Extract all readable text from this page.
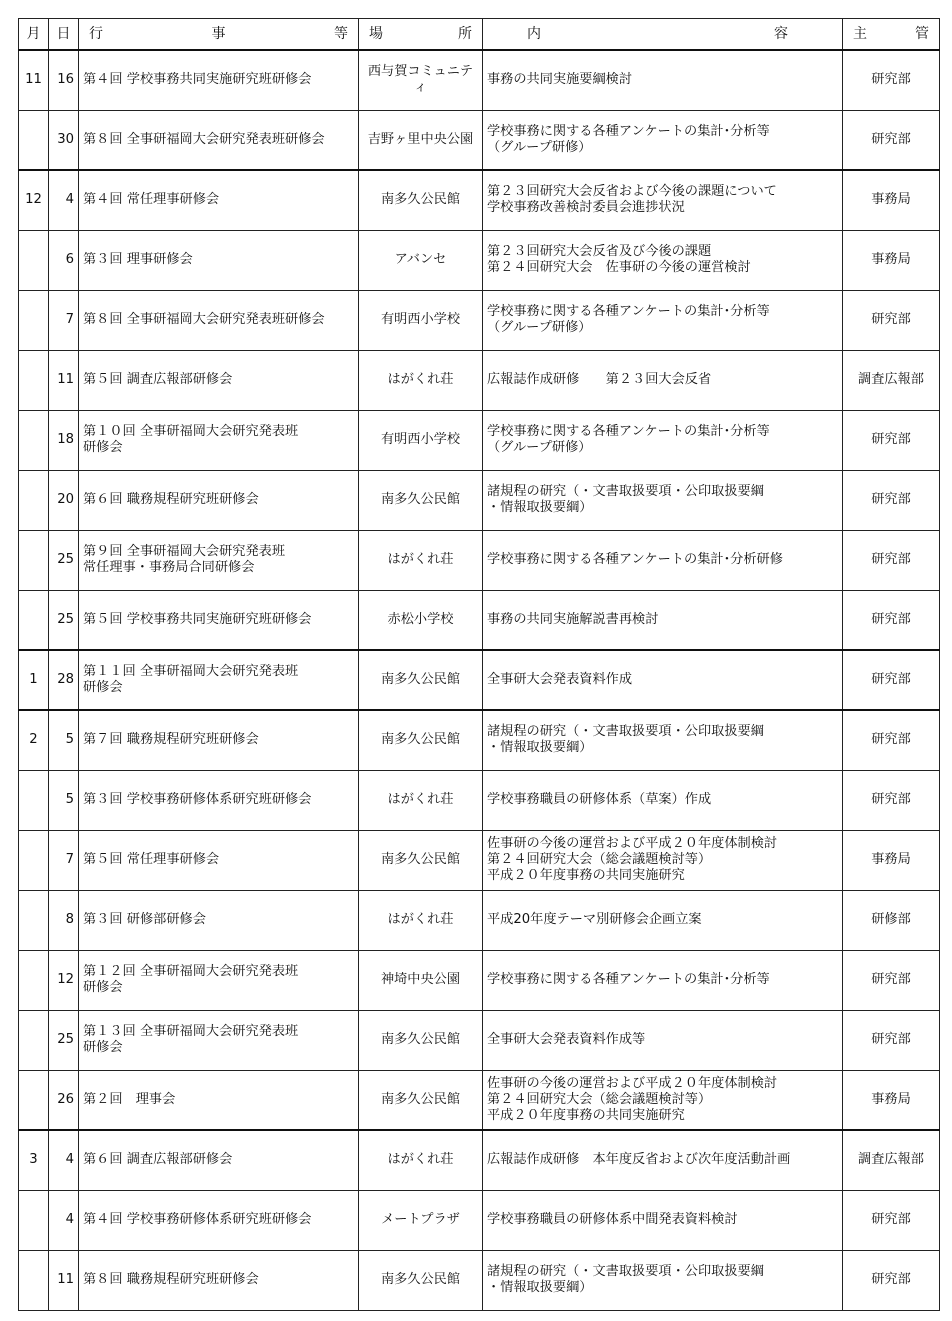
月	日	行 事 等	場 所	内 容	主 管

11	16	第４回 学校事務共同実施研究班研修会	西与賀コミュニティ	事務の共同実施要綱検討	研究部
	30	第８回 全事研福岡大会研究発表班研修会	吉野ヶ里中央公園	学校事務に関する各種アンケートの集計･分析等
（グループ研修）	研究部
12	4	第４回 常任理事研修会	南多久公民館	第２３回研究大会反省および今後の課題について
学校事務改善検討委員会進捗状況	事務局
	6	第３回 理事研修会	アバンセ	第２３回研究大会反省及び今後の課題
第２４回研究大会　佐事研の今後の運営検討	事務局
	7	第８回 全事研福岡大会研究発表班研修会	有明西小学校	学校事務に関する各種アンケートの集計･分析等
（グループ研修）	研究部
	11	第５回 調査広報部研修会	はがくれ荘	広報誌作成研修　　第２３回大会反省	調査広報部
	18	第１０回 全事研福岡大会研究発表班
研修会	有明西小学校	学校事務に関する各種アンケートの集計･分析等
（グループ研修）	研究部
	20	第６回 職務規程研究班研修会	南多久公民館	諸規程の研究（・文書取扱要項・公印取扱要綱
・情報取扱要綱）	研究部
	25	第９回 全事研福岡大会研究発表班
常任理事・事務局合同研修会	はがくれ荘	学校事務に関する各種アンケートの集計･分析研修	研究部
	25	第５回 学校事務共同実施研究班研修会	赤松小学校	事務の共同実施解説書再検討	研究部
1	28	第１１回 全事研福岡大会研究発表班
研修会	南多久公民館	全事研大会発表資料作成	研究部
2	5	第７回 職務規程研究班研修会	南多久公民館	諸規程の研究（・文書取扱要項・公印取扱要綱
・情報取扱要綱）	研究部
	5	第３回 学校事務研修体系研究班研修会	はがくれ荘	学校事務職員の研修体系（草案）作成	研究部
	7	第５回 常任理事研修会	南多久公民館	佐事研の今後の運営および平成２０年度体制検討
第２４回研究大会（総会議題検討等）
平成２０年度事務の共同実施研究	事務局
	8	第３回 研修部研修会	はがくれ荘	平成20年度テーマ別研修会企画立案	研修部
	12	第１２回 全事研福岡大会研究発表班
研修会	神埼中央公園	学校事務に関する各種アンケートの集計･分析等	研究部
	25	第１３回 全事研福岡大会研究発表班
研修会	南多久公民館	全事研大会発表資料作成等	研究部
	26	第２回　理事会	南多久公民館	佐事研の今後の運営および平成２０年度体制検討
第２４回研究大会（総会議題検討等）
平成２０年度事務の共同実施研究	事務局
3	4	第６回 調査広報部研修会	はがくれ荘	広報誌作成研修　本年度反省および次年度活動計画	調査広報部
	4	第４回 学校事務研修体系研究班研修会	メートプラザ	学校事務職員の研修体系中間発表資料検討	研究部
	11	第８回 職務規程研究班研修会	南多久公民館	諸規程の研究（・文書取扱要項・公印取扱要綱
・情報取扱要綱）	研究部
